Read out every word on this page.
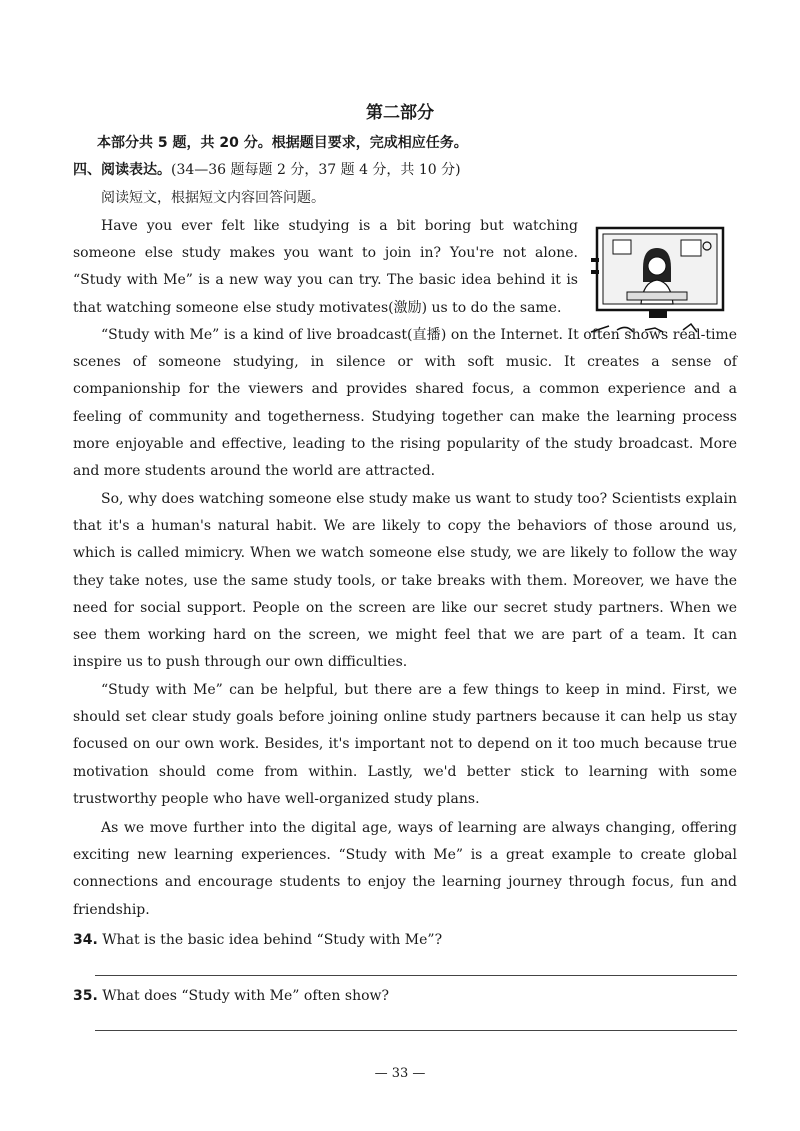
第二部分
本部分共 5 题，共 20 分。根据题目要求，完成相应任务。
四、阅读表达。(34—36 题每题 2 分，37 题 4 分，共 10 分)
阅读短文，根据短文内容回答问题。

Have you ever felt like studying is a bit boring but watching someone else study makes you want to join in? You're not alone. “Study with Me” is a new way you can try. The basic idea behind it is that watching someone else study motivates(激励) us to do the same.

“Study with Me” is a kind of live broadcast(直播) on the Internet. It often shows real-time scenes of someone studying, in silence or with soft music. It creates a sense of companionship for the viewers and provides shared focus, a common experience and a feeling of community and togetherness. Studying together can make the learning process more enjoyable and effective, leading to the rising popularity of the study broadcast. More and more students around the world are attracted.

So, why does watching someone else study make us want to study too? Scientists explain that it's a human's natural habit. We are likely to copy the behaviors of those around us, which is called mimicry. When we watch someone else study, we are likely to follow the way they take notes, use the same study tools, or take breaks with them. Moreover, we have the need for social support. People on the screen are like our secret study partners. When we see them working hard on the screen, we might feel that we are part of a team. It can inspire us to push through our own difficulties.

“Study with Me” can be helpful, but there are a few things to keep in mind. First, we should set clear study goals before joining online study partners because it can help us stay focused on our own work. Besides, it's important not to depend on it too much because true motivation should come from within. Lastly, we'd better stick to learning with some trustworthy people who have well-organized study plans.

As we move further into the digital age, ways of learning are always changing, offering exciting new learning experiences. “Study with Me” is a great example to create global connections and encourage students to enjoy the learning journey through focus, fun and friendship.

34. What is the basic idea behind “Study with Me”?
35. What does “Study with Me” often show?
— 33 —
